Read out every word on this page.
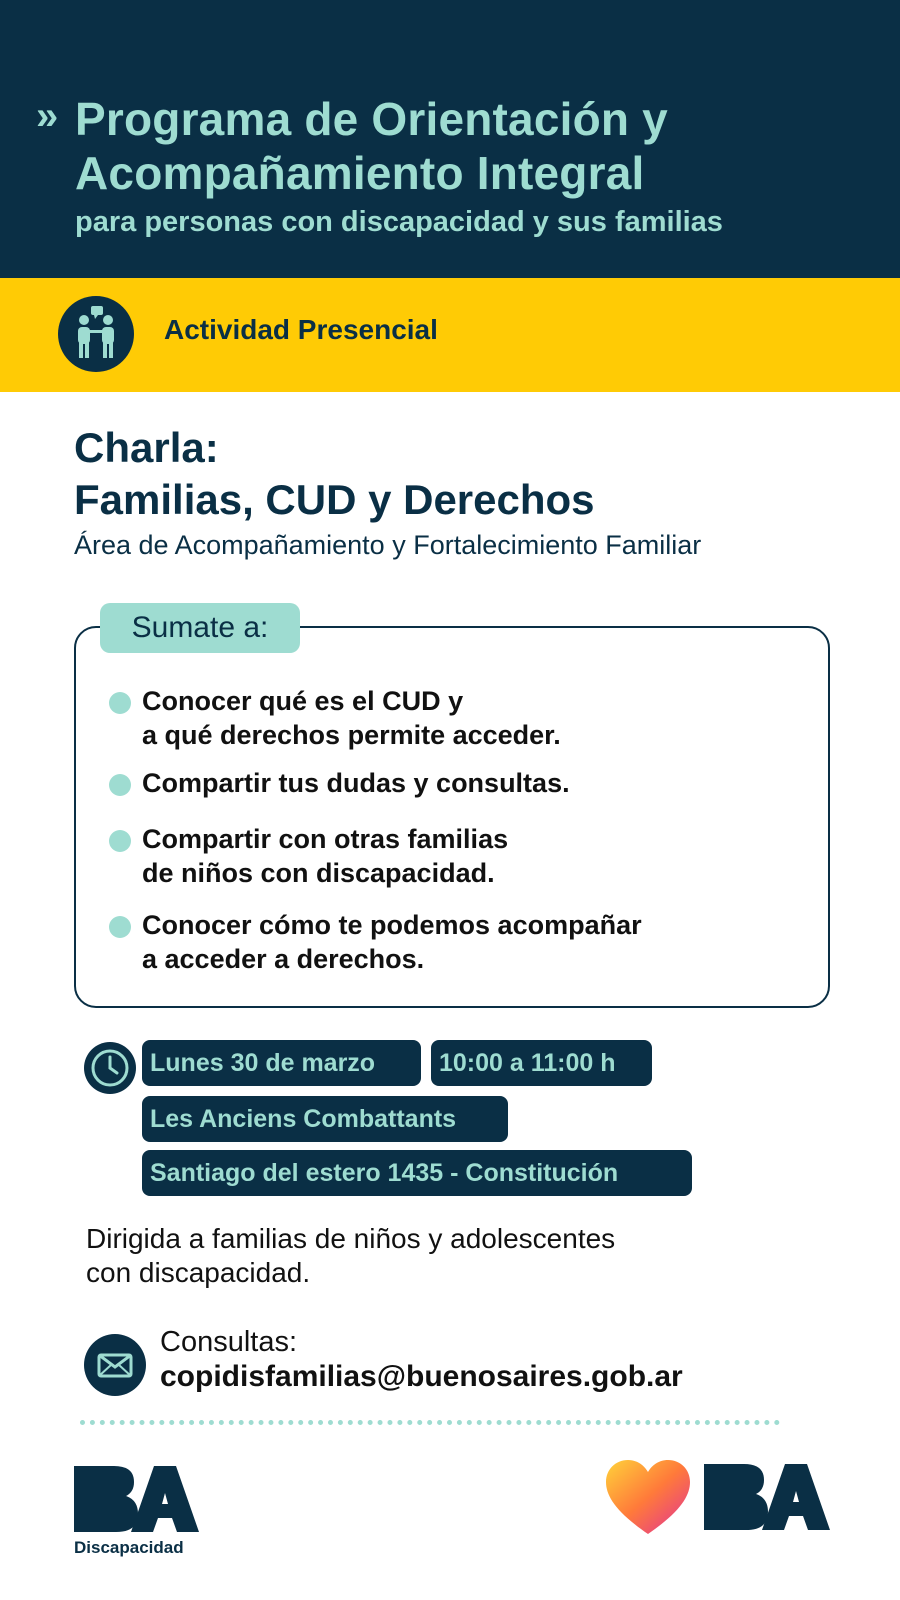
» Programa de Orientación y
Acompañamiento Integral
para personas con discapacidad y sus familias
Actividad Presencial
Charla:
Familias, CUD y Derechos
Área de Acompañamiento y Fortalecimiento Familiar
Sumate a:
Conocer qué es el CUD y
a qué derechos permite acceder.
Compartir tus dudas y consultas.
Compartir con otras familias
de niños con discapacidad.
Conocer cómo te podemos acompañar
a acceder a derechos.
Lunes 30 de marzo	10:00 a 11:00 h
Les Anciens Combattants
Santiago del estero 1435 - Constitución
Dirigida a familias de niños y adolescentes
con discapacidad.
Consultas:
copidisfamilias@buenosaires.gob.ar
Discapacidad
